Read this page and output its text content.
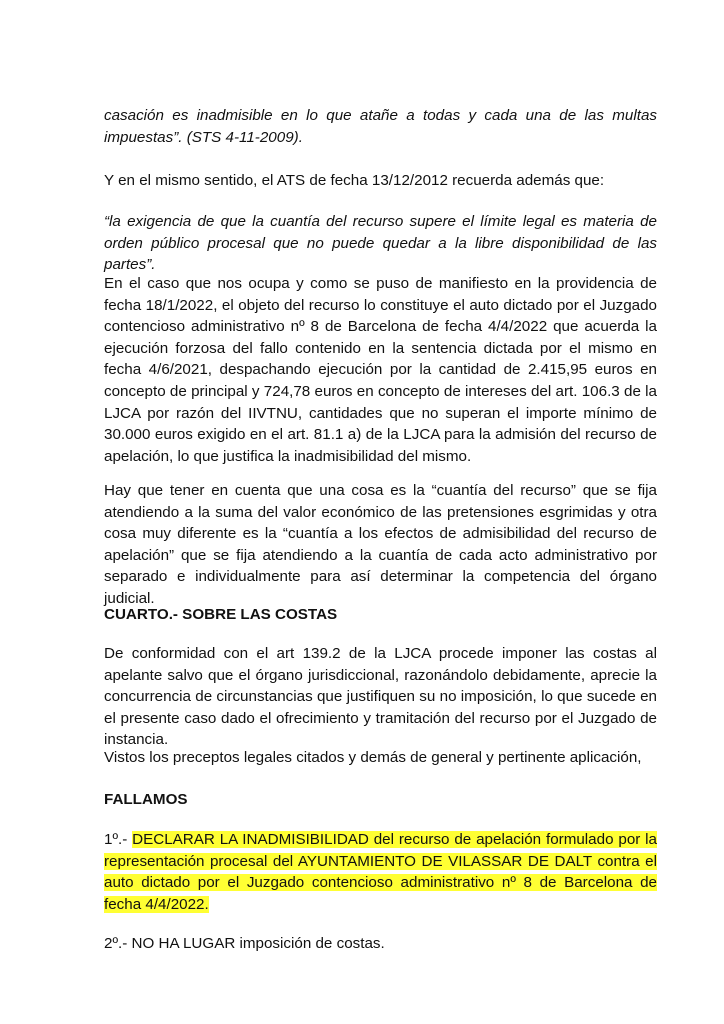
casación es inadmisible en lo que atañe a todas y cada una de las multas impuestas”. (STS 4-11-2009).

Y en el mismo sentido, el ATS de fecha 13/12/2012 recuerda además que:

“la exigencia de que la cuantía del recurso supere el límite legal es materia de orden público procesal que no puede quedar a la libre disponibilidad de las partes”.

En el caso que nos ocupa y como se puso de manifiesto en la providencia de fecha 18/1/2022, el objeto del recurso lo constituye el auto dictado por el Juzgado contencioso administrativo nº 8 de Barcelona de fecha 4/4/2022 que acuerda la ejecución forzosa del fallo contenido en la sentencia dictada por el mismo en fecha 4/6/2021, despachando ejecución por la cantidad de 2.415,95 euros en concepto de principal y 724,78 euros en concepto de intereses del art. 106.3 de la LJCA por razón del IIVTNU, cantidades que no superan el importe mínimo de 30.000 euros exigido en el art. 81.1 a) de la LJCA para la admisión del recurso de apelación, lo que justifica la inadmisibilidad del mismo.

Hay que tener en cuenta que una cosa es la “cuantía del recurso” que se fija atendiendo a la suma del valor económico de las pretensiones esgrimidas y otra cosa muy diferente es la “cuantía a los efectos de admisibilidad del recurso de apelación” que se fija atendiendo a la cuantía de cada acto administrativo por separado e individualmente para así determinar la competencia del órgano judicial.

CUARTO.- SOBRE LAS COSTAS

De conformidad con el art 139.2 de la LJCA procede imponer las costas al apelante salvo que el órgano jurisdiccional, razonándolo debidamente, aprecie la concurrencia de circunstancias que justifiquen su no imposición, lo que sucede en el presente caso dado el ofrecimiento y tramitación del recurso por el Juzgado de instancia.

Vistos los preceptos legales citados y demás de general y pertinente aplicación,

FALLAMOS

1º.- DECLARAR LA INADMISIBILIDAD del recurso de apelación formulado por la representación procesal del AYUNTAMIENTO DE VILASSAR DE DALT contra el auto dictado por el Juzgado contencioso administrativo nº 8 de Barcelona de fecha 4/4/2022.

2º.- NO HA LUGAR imposición de costas.
